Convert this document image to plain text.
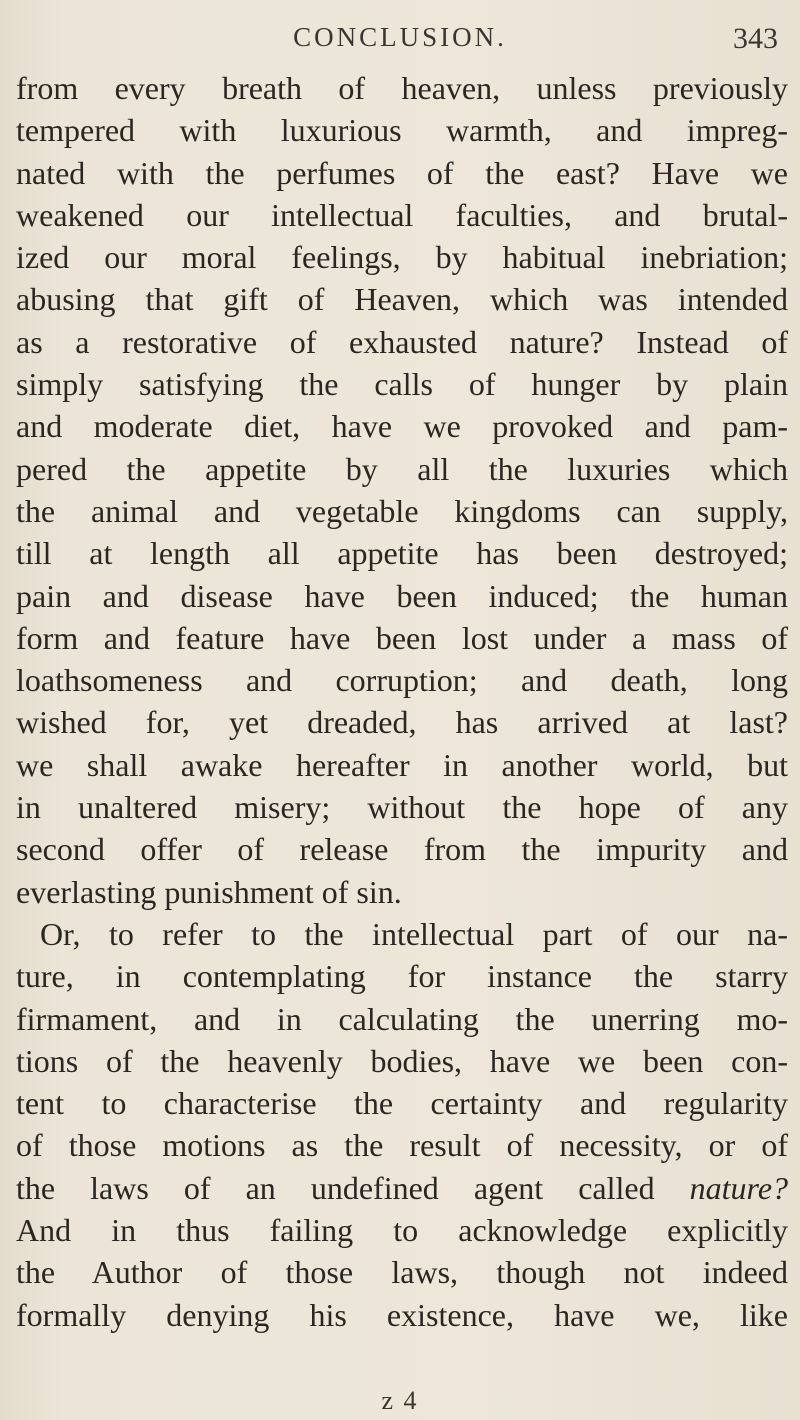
CONCLUSION.	343
from every breath of heaven, unless previously
tempered with luxurious warmth, and impreg-
nated with the perfumes of the east? Have we
weakened our intellectual faculties, and brutal-
ized our moral feelings, by habitual inebriation;
abusing that gift of Heaven, which was intended
as a restorative of exhausted nature? Instead of
simply satisfying the calls of hunger by plain
and moderate diet, have we provoked and pam-
pered the appetite by all the luxuries which
the animal and vegetable kingdoms can supply,
till at length all appetite has been destroyed;
pain and disease have been induced; the human
form and feature have been lost under a mass of
loathsomeness and corruption; and death, long
wished for, yet dreaded, has arrived at last?
we shall awake hereafter in another world, but
in unaltered misery; without the hope of any
second offer of release from the impurity and
everlasting punishment of sin.
Or, to refer to the intellectual part of our na-
ture, in contemplating for instance the starry
firmament, and in calculating the unerring mo-
tions of the heavenly bodies, have we been con-
tent to characterise the certainty and regularity
of those motions as the result of necessity, or of
the laws of an undefined agent called nature?
And in thus failing to acknowledge explicitly
the Author of those laws, though not indeed
formally denying his existence, have we, like
z 4
